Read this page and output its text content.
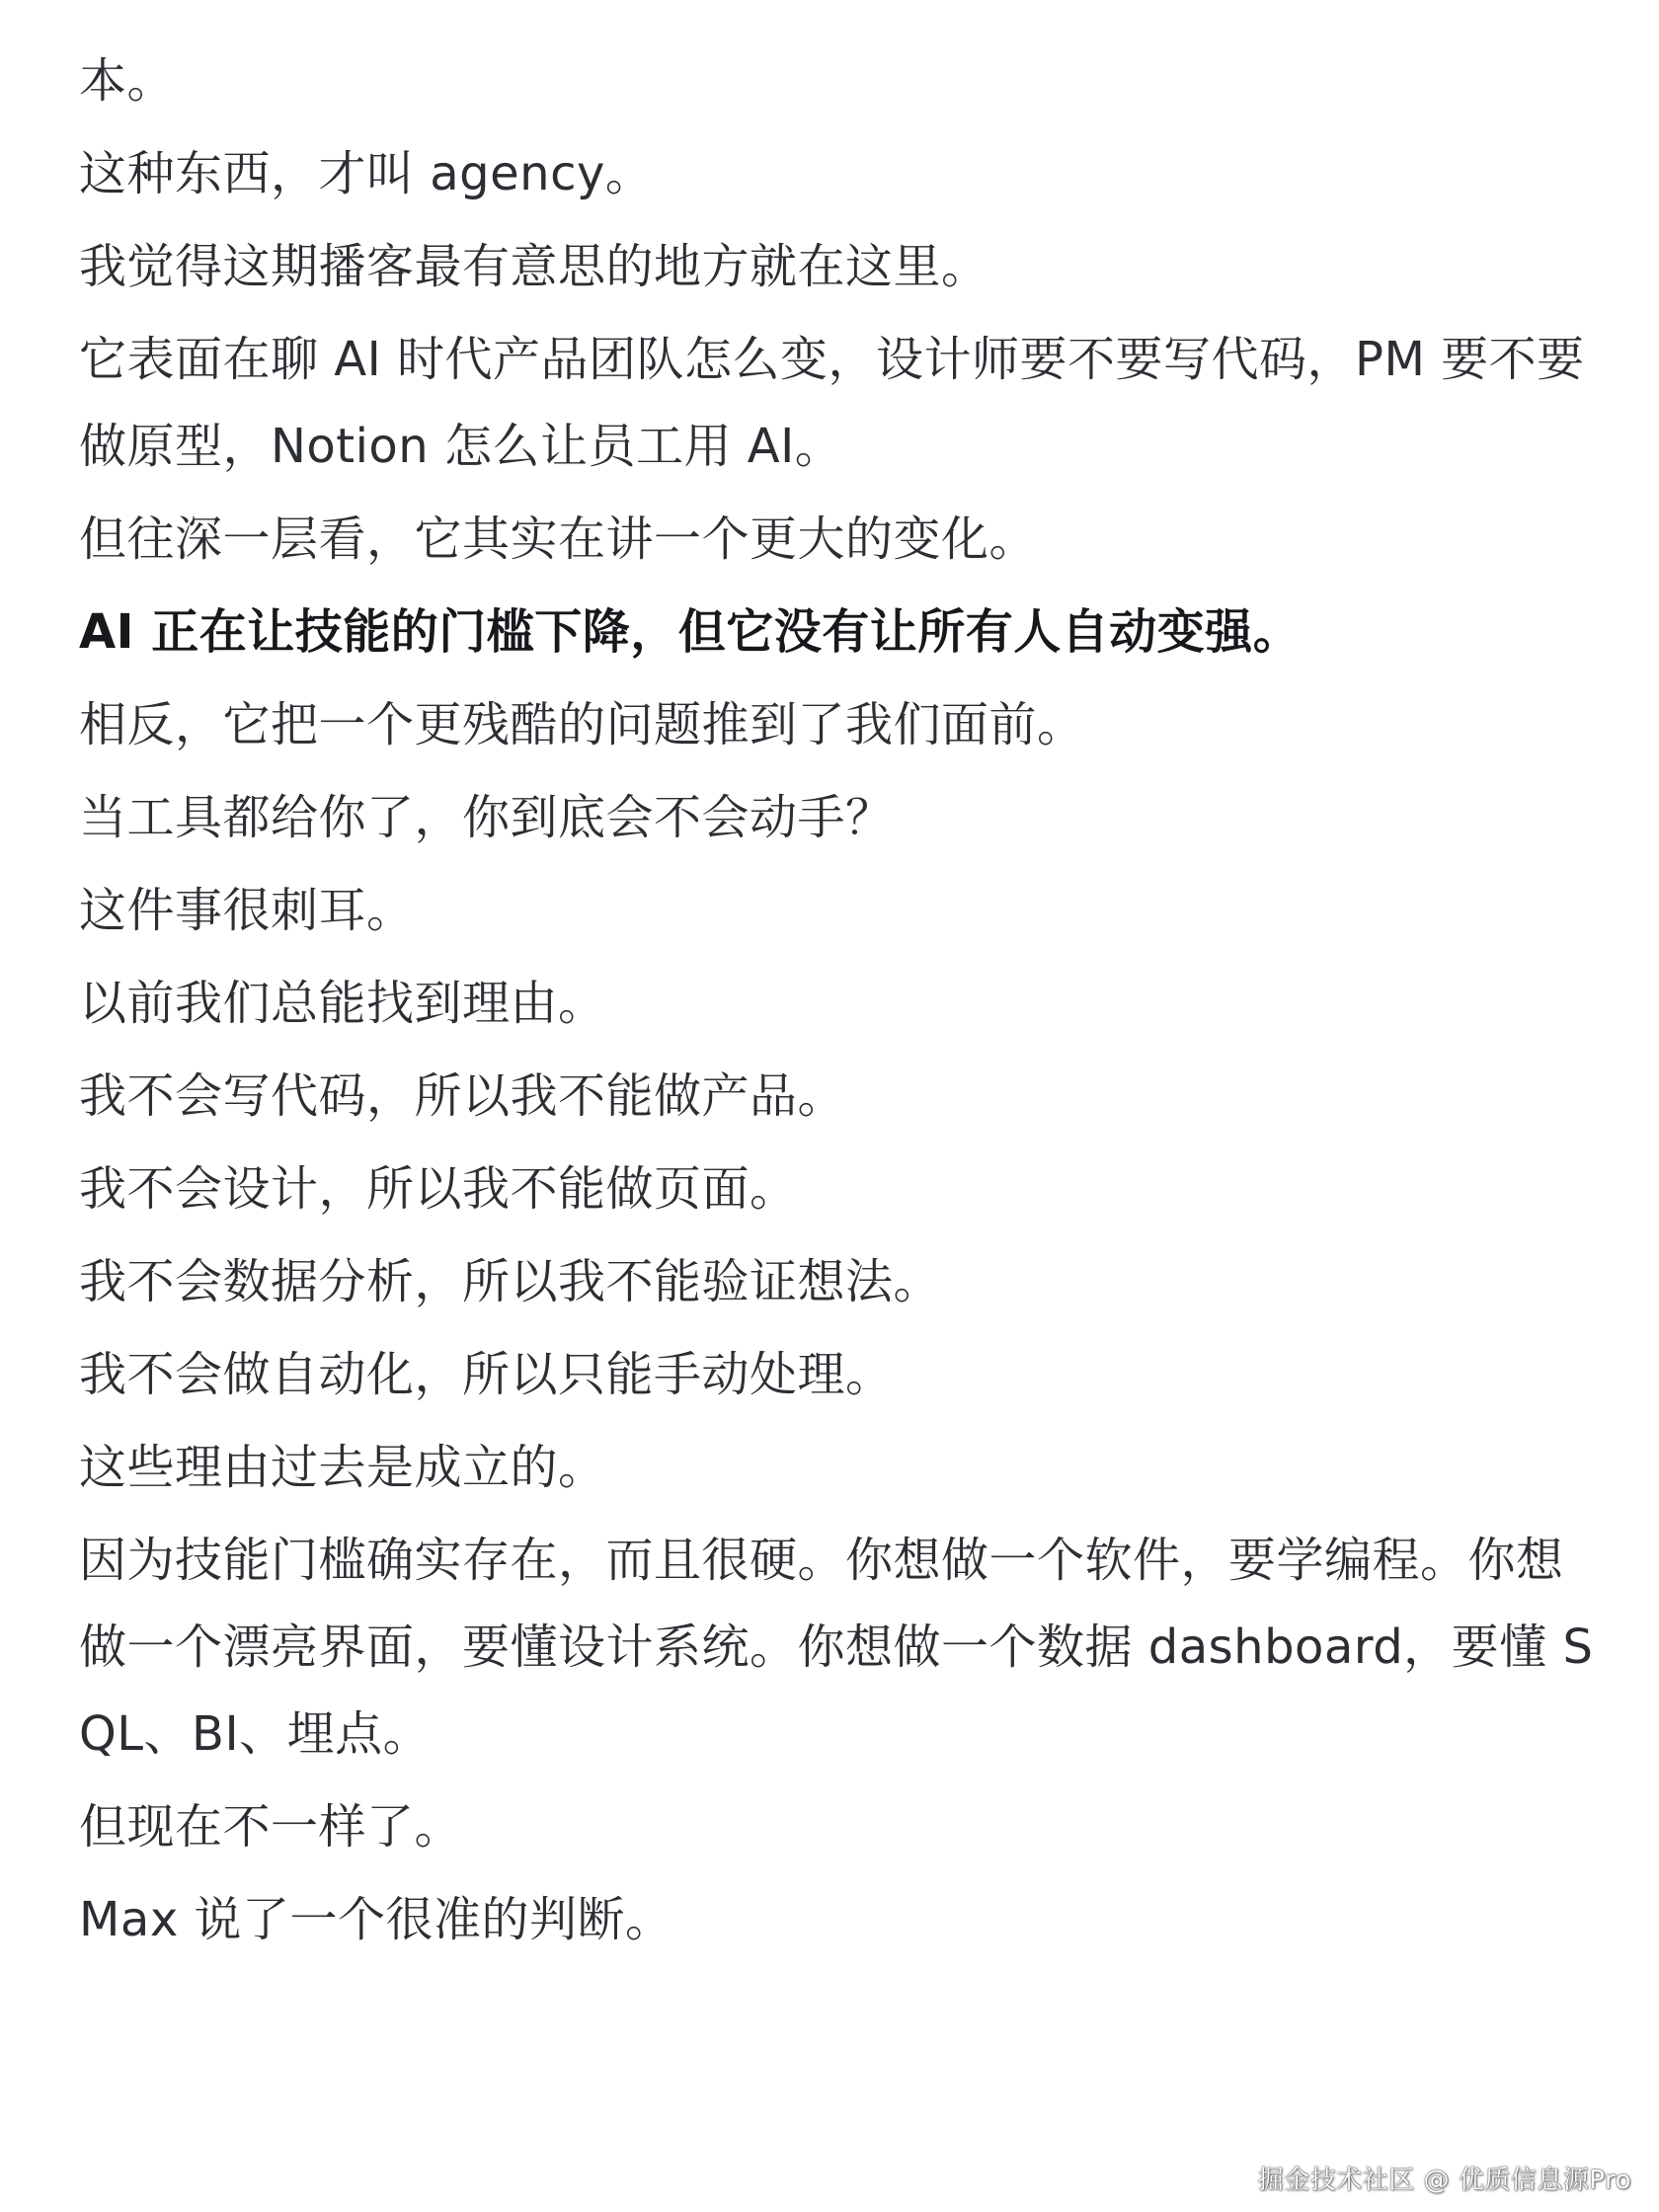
本。

这种东西，才叫 agency。

我觉得这期播客最有意思的地方就在这里。

它表面在聊 AI 时代产品团队怎么变，设计师要不要写代码，PM 要不要做原型，Notion 怎么让员工用 AI。

但往深一层看，它其实在讲一个更大的变化。

AI 正在让技能的门槛下降，但它没有让所有人自动变强。

相反，它把一个更残酷的问题推到了我们面前。

当工具都给你了，你到底会不会动手？

这件事很刺耳。

以前我们总能找到理由。

我不会写代码，所以我不能做产品。

我不会设计，所以我不能做页面。

我不会数据分析，所以我不能验证想法。

我不会做自动化，所以只能手动处理。

这些理由过去是成立的。

因为技能门槛确实存在，而且很硬。你想做一个软件，要学编程。你想做一个漂亮界面，要懂设计系统。你想做一个数据 dashboard，要懂 SQL、BI、埋点。

但现在不一样了。

Max 说了一个很准的判断。

掘金技术社区 @ 优质信息源Pro
